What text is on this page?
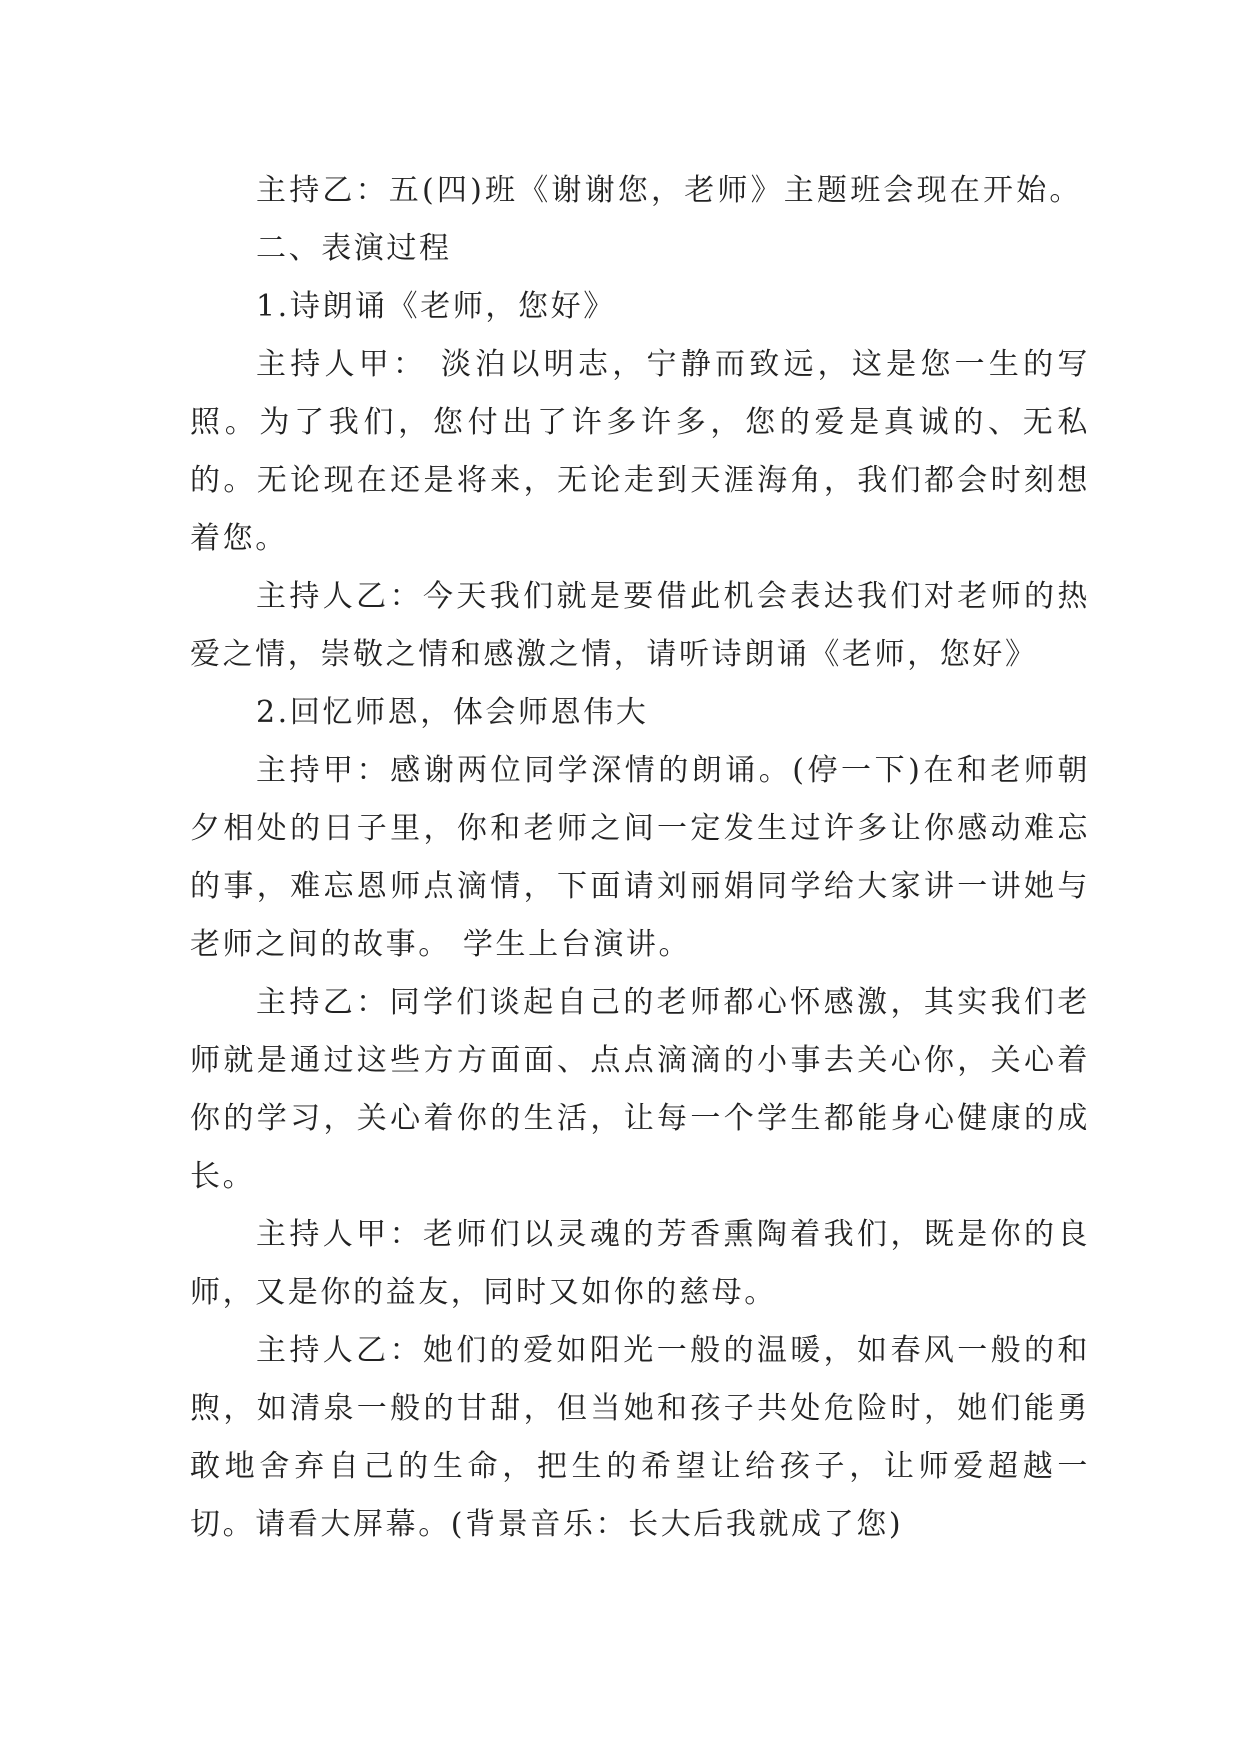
主持乙：五(四)班《谢谢您，老师》主题班会现在开始。

二、表演过程

1.诗朗诵《老师，您好》

主持人甲： 淡泊以明志，宁静而致远，这是您一生的写照。为了我们，您付出了许多许多，您的爱是真诚的、无私的。无论现在还是将来，无论走到天涯海角，我们都会时刻想着您。

主持人乙：今天我们就是要借此机会表达我们对老师的热爱之情，崇敬之情和感激之情，请听诗朗诵《老师，您好》

2.回忆师恩，体会师恩伟大

主持甲：感谢两位同学深情的朗诵。(停一下)在和老师朝夕相处的日子里，你和老师之间一定发生过许多让你感动难忘的事，难忘恩师点滴情，下面请刘丽娟同学给大家讲一讲她与老师之间的故事。 学生上台演讲。

主持乙：同学们谈起自己的老师都心怀感激，其实我们老师就是通过这些方方面面、点点滴滴的小事去关心你，关心着你的学习，关心着你的生活，让每一个学生都能身心健康的成长。

主持人甲：老师们以灵魂的芳香熏陶着我们，既是你的良师，又是你的益友，同时又如你的慈母。

主持人乙：她们的爱如阳光一般的温暖，如春风一般的和煦，如清泉一般的甘甜，但当她和孩子共处危险时，她们能勇敢地舍弃自己的生命，把生的希望让给孩子，让师爱超越一切。请看大屏幕。(背景音乐：长大后我就成了您)
